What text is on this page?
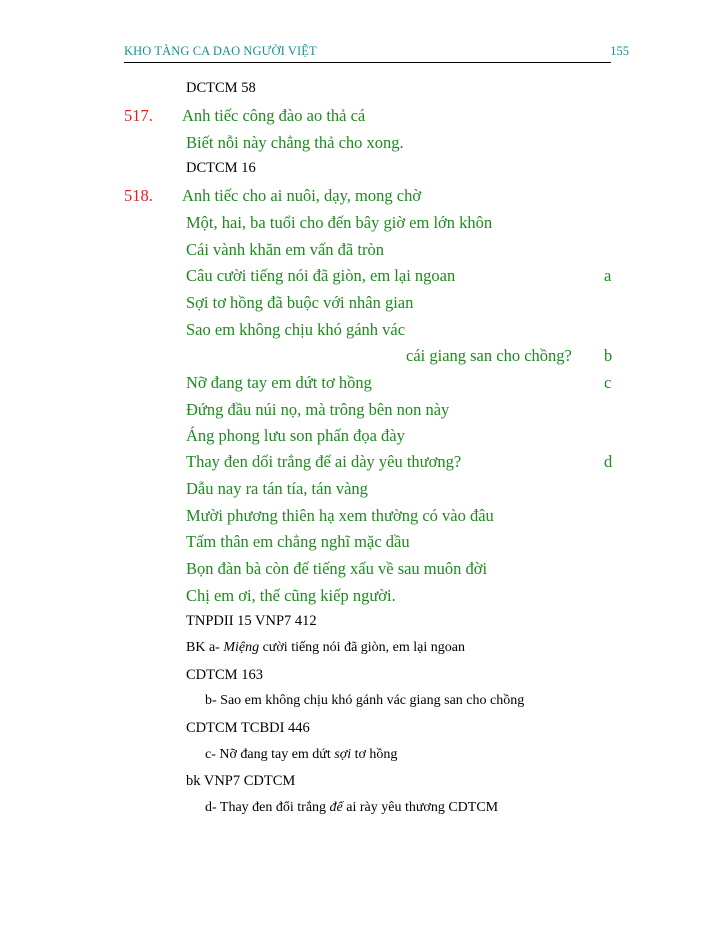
KHO TÀNG CA DAO NGƯỜI VIỆT	155
DCTCM 58
517. Anh tiếc công đào ao thả cá
Biết nỗi này chẳng thả cho xong.
DCTCM 16
518. Anh tiếc cho ai nuôi, dạy, mong chờ
Một, hai, ba tuổi cho đến bây giờ em lớn khôn
Cái vành khăn em vấn đã tròn
Câu cười tiếng nói đã giòn, em lại ngoan	a
Sợi tơ hồng đã buộc với nhân gian
Sao em không chịu khó gánh vác
cái giang san cho chồng? b
Nỡ đang tay em dứt tơ hồng	c
Đứng đầu núi nọ, mà trông bên non này
Áng phong lưu son phấn đọa đày
Thay đen dổi trắng để ai dày yêu thương?	d
Dẫu nay ra tán tía, tán vàng
Mười phương thiên hạ xem thường có vào đâu
Tấm thân em chẳng nghĩ mặc dầu
Bọn đàn bà còn để tiếng xấu về sau muôn đời
Chị em ơi, thế cũng kiếp người.
TNPDII 15 VNP7 412
BK a- Miệng cười tiếng nói đã giòn, em lại ngoan
CDTCM 163
b- Sao em không chịu khó gánh vác giang san cho chồng
CDTCM TCBDI 446
c- Nỡ đang tay em dứt sợi tơ hồng
bk VNP7 CDTCM
d- Thay đen đổi trắng để ai rày yêu thương CDTCM
